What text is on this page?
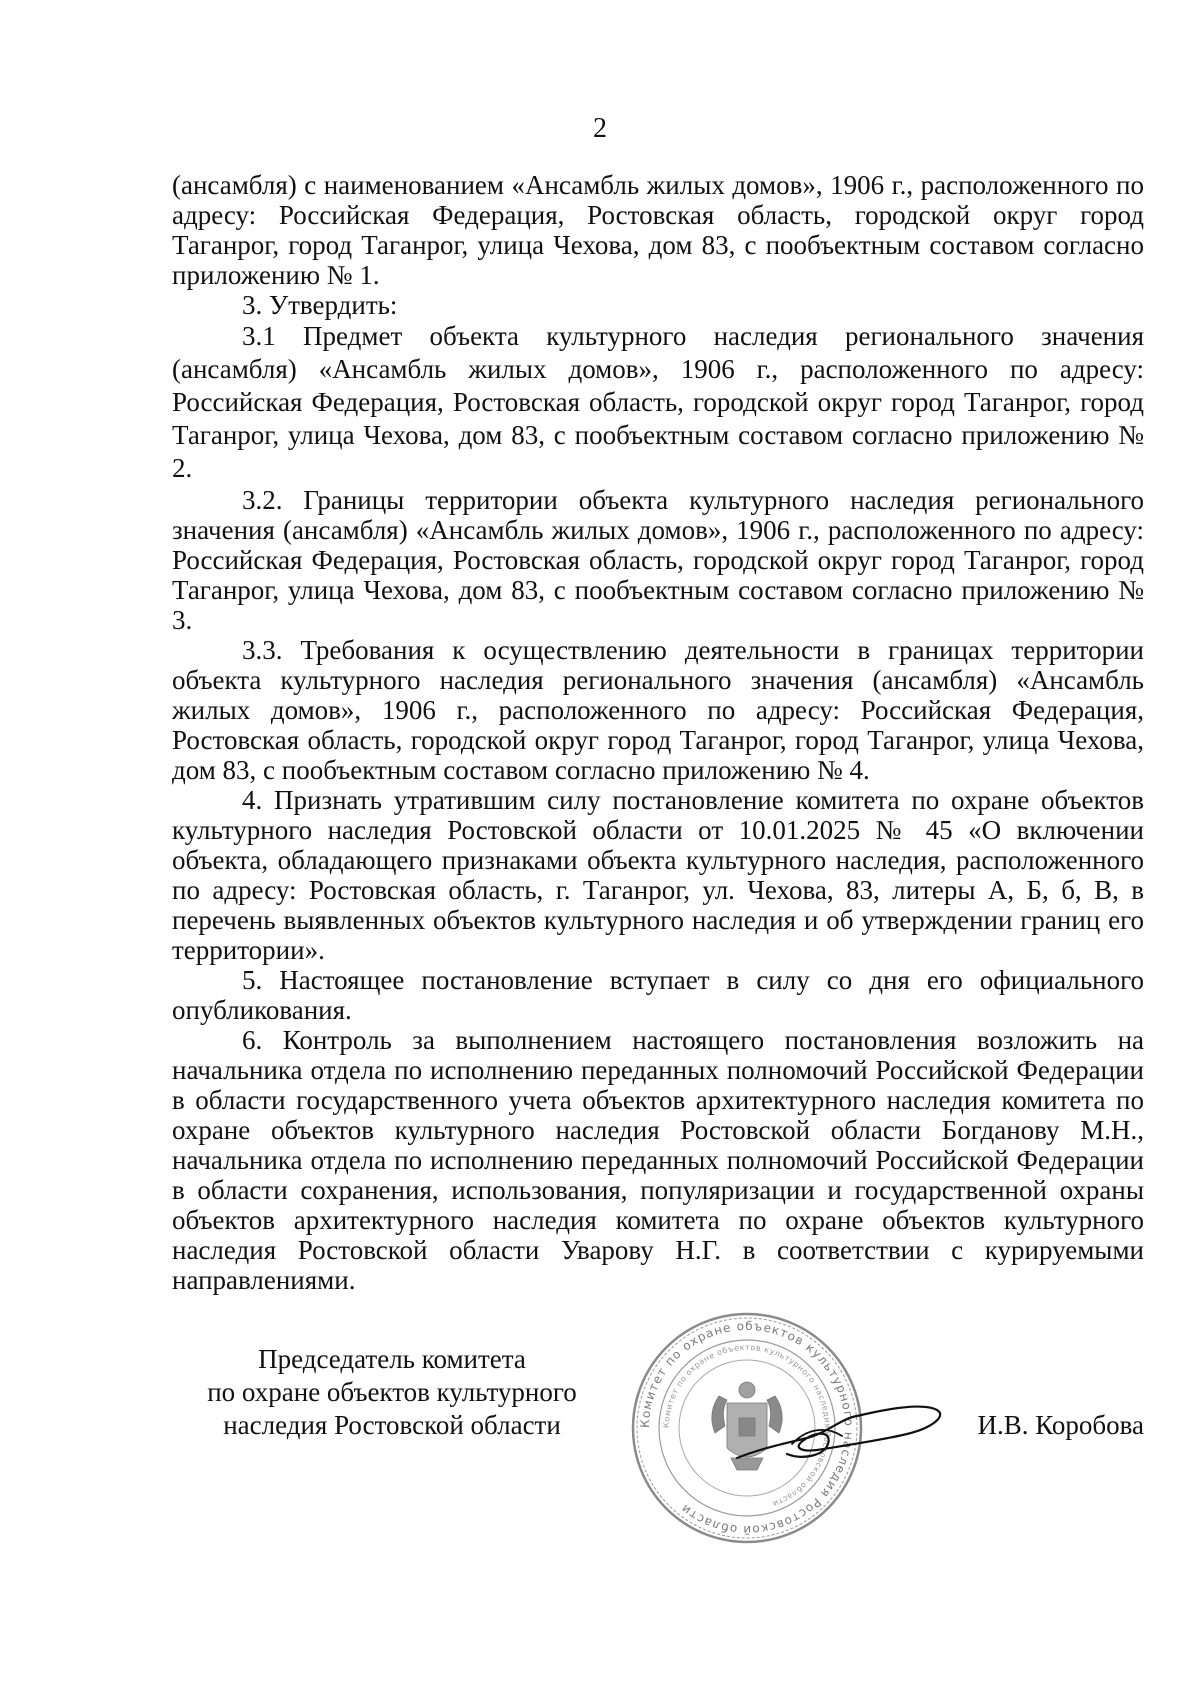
2

(ансамбля) с наименованием «Ансамбль жилых домов», 1906 г., расположенного по адресу: Российская Федерация, Ростовская область, городской округ город Таганрог, город Таганрог, улица Чехова, дом 83, с пообъектным составом согласно приложению № 1.

3. Утвердить:

3.1 Предмет объекта культурного наследия регионального значения (ансамбля) «Ансамбль жилых домов», 1906 г., расположенного по адресу: Российская Федерация, Ростовская область, городской округ город Таганрог, город Таганрог, улица Чехова, дом 83, с пообъектным составом согласно приложению № 2.

3.2. Границы территории объекта культурного наследия регионального значения (ансамбля) «Ансамбль жилых домов», 1906 г., расположенного по адресу: Российская Федерация, Ростовская область, городской округ город Таганрог, город Таганрог, улица Чехова, дом 83, с пообъектным составом согласно приложению № 3.

3.3. Требования к осуществлению деятельности в границах территории объекта культурного наследия регионального значения (ансамбля) «Ансамбль жилых домов», 1906 г., расположенного по адресу: Российская Федерация, Ростовская область, городской округ город Таганрог, город Таганрог, улица Чехова, дом 83, с пообъектным составом согласно приложению № 4.

4. Признать утратившим силу постановление комитета по охране объектов культурного наследия Ростовской области от 10.01.2025 № 45 «О включении объекта, обладающего признаками объекта культурного наследия, расположенного по адресу: Ростовская область, г. Таганрог, ул. Чехова, 83, литеры А, Б, б, В, в перечень выявленных объектов культурного наследия и об утверждении границ его территории».

5. Настоящее постановление вступает в силу со дня его официального опубликования.

6. Контроль за выполнением настоящего постановления возложить на начальника отдела по исполнению переданных полномочий Российской Федерации в области государственного учета объектов архитектурного наследия комитета по охране объектов культурного наследия Ростовской области Богданову М.Н., начальника отдела по исполнению переданных полномочий Российской Федерации в области сохранения, использования, популяризации и государственной охраны объектов архитектурного наследия комитета по охране объектов культурного наследия Ростовской области Уварову Н.Г. в соответствии с курируемыми направлениями.

Председатель комитета
по охране объектов культурного
наследия Ростовской области	Комитет по охране объектов культурного наследия Ростовской области
Комитет по охране объектов культурного наследия Ростовской области
И.В. Коробова
